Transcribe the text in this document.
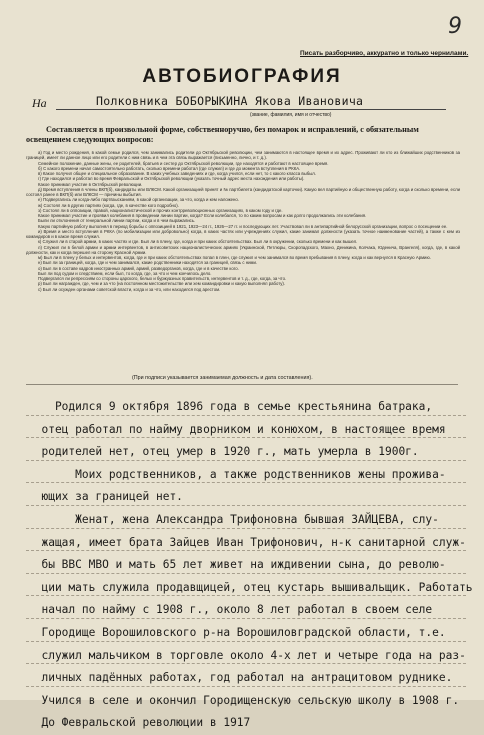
9
Писать разборчиво, аккуратно и только чернилами.
АВТОБИОГРАФИЯ
На	Полковника БОБОРЫКИНА Якова Ивановича
(звание, фамилия, имя и отчество)
Составляется в произвольной форме, собственноручно, без помарок и исправлений, с обязательным освещением следующих вопросов:

а) Год и место рождения, в какой семье родился, чем занимались родители до Октябрьской революции, чем занимаются в настоящее время и их адрес. Проживают ли кто из ближайших родственников за границей, имеет ли данное лицо или его родители с ним связь и в чем эта связь выражается (письменно, лично, и т. д.).

Семейное положение, данные жены, ее родителей, братьев и сестер до Октябрьской революции, где находятся и работают в настоящее время.

б) С какого времени начал самостоятельно работать, сколько времени работал (где служил) и где до момента вступления в РККА.

в) Какое получил общее и специальное образование. В каких учебных заведениях и где, когда учился, если нет, то с какого класса выбыл.

г) Где находился и работал во время Февральской и Октябрьской революции (указать точный адрес места нахождения или работы).

Какое принимал участие в Октябрьской революции.

д) Время вступления в члены ВКП(б), кандидаты или ВЛКСМ. Какой организацией принят и № партбилета (кандидатской карточки). Какую вел партийную и общественную работу, когда и сколько времени, если состоял ранее в ВКП(б) или ВЛКСМ — причины выбытия.

е) Подвергались ли когда-либо партвзысканиям, в какой организации, за что, когда и кем наложено.

ж) Состоял ли в других партиях (когда, где, в качестве кого подробно).

з) Состоял ли в оппозиции, правой, националистической и прочих контрреволюционных организациях, в каком году и где.

Какое принимал участие и проявил колебания в проведении линии партии, когда? Если колебался, то по каким вопросам и как долго продолжались эти колебания.

Были ли отклонения от генеральной линии партии, когда и в чем выражались.

Какую партийную работу выполнял в период борьбы с оппозицией в 1921, 1923—24 гг., 1926—27 гг. и последующих лет. Участвовал ли в антипартийной белорусской организации, вопрос о посещении ее.

и) Время и место вступления в РККА (по мобилизации или добровольно) когда, в каких частях или учреждениях служил, какие занимал должности (указать точное наименование частей), а также с кем из командиров и в какое время служил.

к) Служил ли в старой армии, в каких частях и где. Был ли в плену, где, когда и при каких обстоятельствах. Был ли в окружении, сколько времени и как вышел.

л) Служил ли в белой армии и армии интервентов, в антисоветских националистических армиях (Украинской, Петлюры, Скоропадского, Махно, Деникина, Колчака, Юденича, Врангеля), когда, где, в какой должности, как и когда перешел на сторону Красной Армии.

м) Был ли в плену у белых и интервентов, когда, где и при каких обстоятельствах попал в плен, где служил и чем занимался во время пребывания в плену, когда и как вернулся в Красную Армию.

н) Был ли за границей, когда, где и чем занимался, какие родственники находятся за границей, связь с ними.

о) Был ли в составе кадров иностранных армий, армий, разведорганов, когда, где и в качестве кого.

Был ли под судом и следствием, если был, то когда, где, за что и чем кончилось дело.

Подвергался ли репрессиям со стороны царского, белых и буржуазных правительств, интервентов и т. д., где, когда, за что.

р) Был ли награжден, где, чем и за что (на постоянном местожительстве или хем командировки и какую выполнял работу).

с) Был ли осужден органами советской власти, когда и за что, или находился под арестом.

(При подписи указывается занимаемая должность и дата составления).
Родился 9 октября 1896 года в семье крестьянина батрака,
отец работал по найму дворником и конюхом, в настоящее время
родителей нет, отец умер в 1920 г., мать умерла в 1900г.
Моих родственников, а также родственников жены прожива-
ющих за границей нет.
Женат, жена Александра Трифоновна бывшая ЗАЙЦЕВА, слу-
жащая, имеет брата Зайцев Иван Трифонович, н-к санитарной служ-
бы ВВС МВО и мать 65 лет живет на иждивении сына, до револю-
ции мать служила продавщицей, отец кустарь вышивальщик. Работать
начал по найму с 1908 г., около 8 лет работал в своем селе
Городище Ворошиловского р-на Ворошиловградской области, т.е.
служил мальчиком в торговле около 4-х лет и четыре года на раз-
личных падённых работах, год работал на антрацитовом руднике.
Учился в селе и окончил Городищенскую сельскую школу в 1908 г.
До Февральской революции в 1917
